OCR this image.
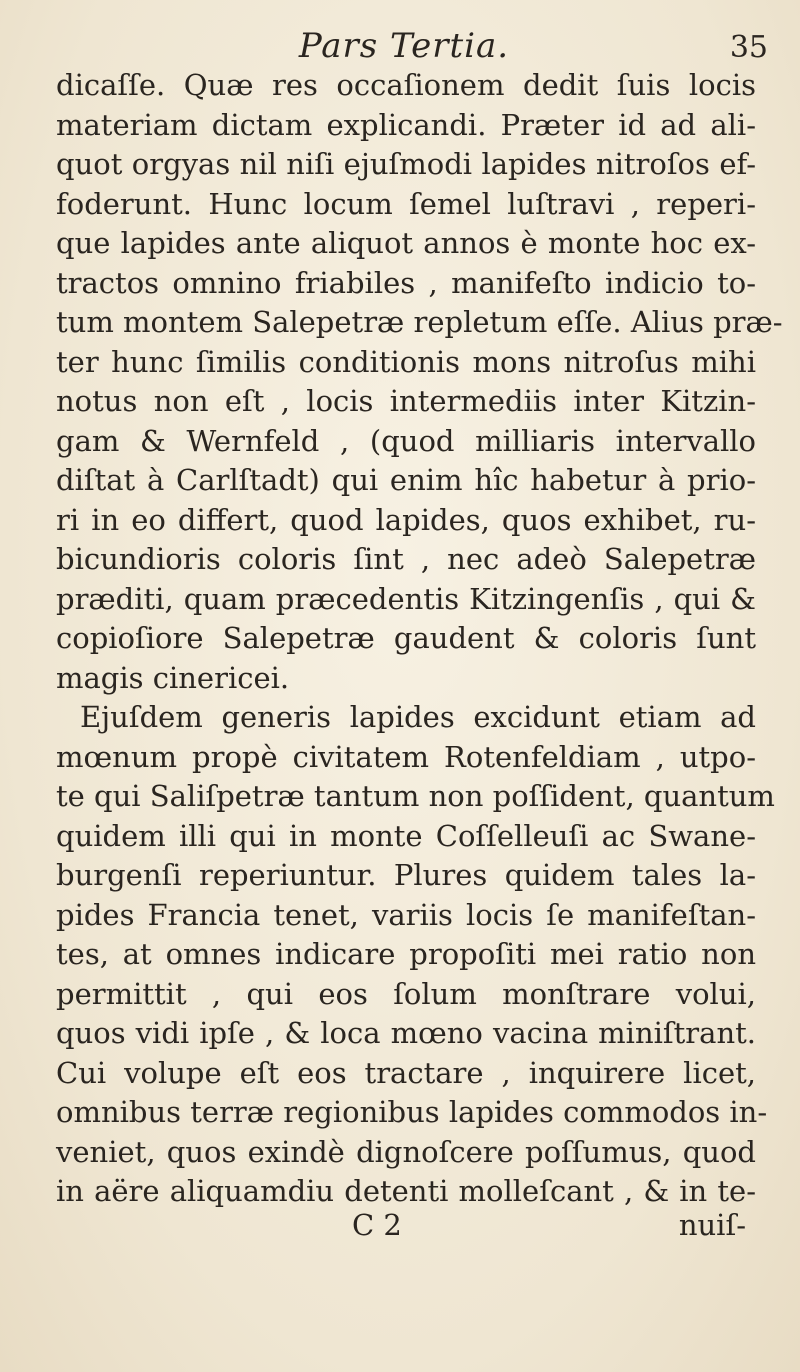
Pars Tertia.	35
dicaſſe. Quæ res occaſionem dedit ſuis locis
materiam dictam explicandi. Præter id ad ali-
quot orgyas nil niſi ejuſmodi lapides nitroſos ef-
foderunt. Hunc locum ſemel luſtravi , reperi-
que lapides ante aliquot annos è monte hoc ex-
tractos omnino friabiles , manifeſto indicio to-
tum montem Salepetræ repletum eſſe. Alius præ-
ter hunc ſimilis conditionis mons nitroſus mihi
notus non eſt , locis intermediis inter Kitzin-
gam & Wernfeld , (quod milliaris intervallo
diſtat à Carlſtadt) qui enim hîc habetur à prio-
ri in eo differt, quod lapides, quos exhibet, ru-
bicundioris coloris ſint , nec adeò Salepetræ
præditi, quam præcedentis Kitzingenſis , qui &
copioſiore Salepetræ gaudent & coloris ſunt
magis cinericei.
Ejuſdem generis lapides excidunt etiam ad
mœnum propè civitatem Rotenfeldiam , utpo-
te qui Saliſpetræ tantum non poſſident, quantum
quidem illi qui in monte Coſſelleuſi ac Swane-
burgenſi reperiuntur. Plures quidem tales la-
pides Francia tenet, variis locis ſe manifeſtan-
tes, at omnes indicare propoſiti mei ratio non
permittit , qui eos ſolum monſtrare volui,
quos vidi ipſe , & loca mœno vacina miniſtrant.
Cui volupe eſt eos tractare , inquirere licet,
omnibus terræ regionibus lapides commodos in-
veniet, quos exindè dignoſcere poſſumus, quod
in aëre aliquamdiu detenti molleſcant , & in te-
C 2	nuiſ-
